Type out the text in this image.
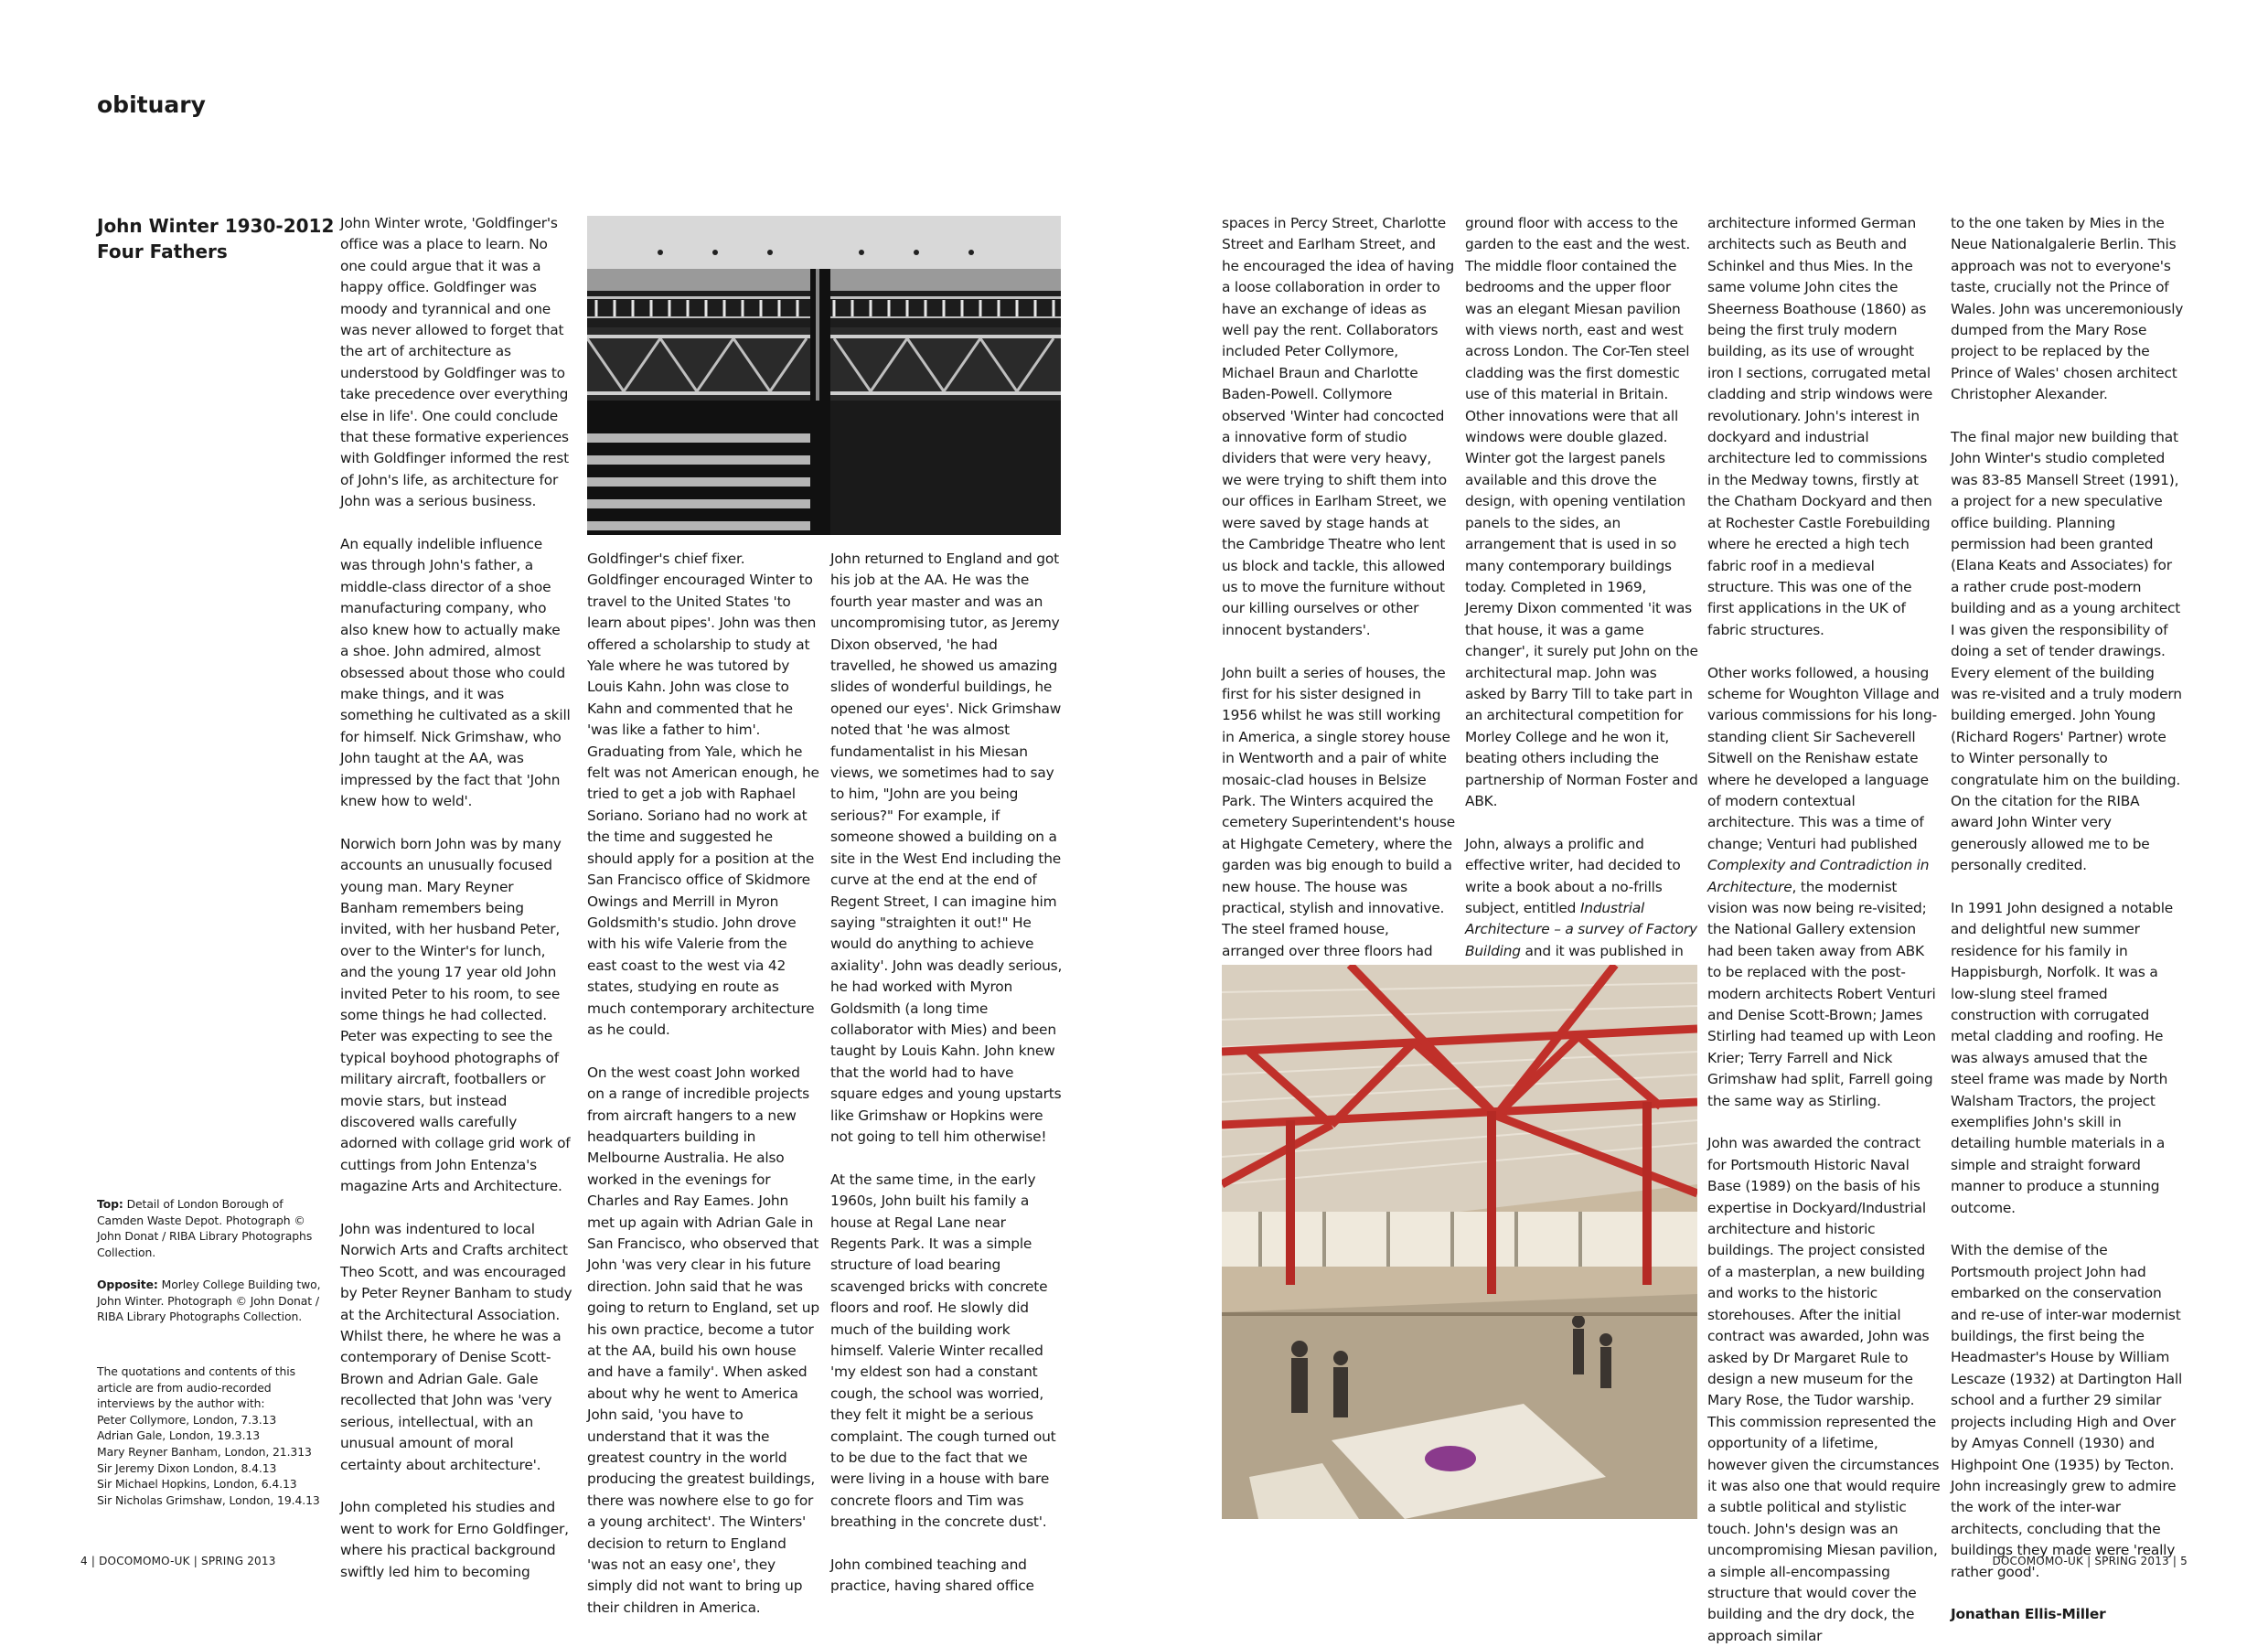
obituary
John Winter 1930-2012
Four Fathers

Top: Detail of London Borough of Camden Waste Depot. Photograph © John Donat / RIBA Library Photographs Collection.

Opposite: Morley College Building two, John Winter. Photograph © John Donat / RIBA Library Photographs Collection.

The quotations and contents of this article are from audio-recorded interviews by the author with:
Peter Collymore, London, 7.3.13
Adrian Gale, London, 19.3.13
Mary Reyner Banham, London, 21.313
Sir Jeremy Dixon London, 8.4.13
Sir Michael Hopkins, London, 6.4.13
Sir Nicholas Grimshaw, London, 19.4.13

John Winter wrote, 'Goldfinger's office was a place to learn. No one could argue that it was a happy office. Goldfinger was moody and tyrannical and one was never allowed to forget that the art of architecture as understood by Goldfinger was to take precedence over everything else in life'. One could conclude that these formative experiences with Goldfinger informed the rest of John's life, as architecture for John was a serious business.

An equally indelible influence was through John's father, a middle-class director of a shoe manufacturing company, who also knew how to actually make a shoe. John admired, almost obsessed about those who could make things, and it was something he cultivated as a skill for himself. Nick Grimshaw, who John taught at the AA, was impressed by the fact that 'John knew how to weld'.

Norwich born John was by many accounts an unusually focused young man. Mary Reyner Banham remembers being invited, with her husband Peter, over to the Winter's for lunch, and the young 17 year old John invited Peter to his room, to see some things he had collected. Peter was expecting to see the typical boyhood photographs of military aircraft, footballers or movie stars, but instead discovered walls carefully adorned with collage grid work of cuttings from John Entenza's magazine Arts and Architecture.

John was indentured to local Norwich Arts and Crafts architect Theo Scott, and was encouraged by Peter Reyner Banham to study at the Architectural Association. Whilst there, he where he was a contemporary of Denise Scott-Brown and Adrian Gale. Gale recollected that John was 'very serious, intellectual, with an unusual amount of moral certainty about architecture'.

John completed his studies and went to work for Erno Goldfinger, where his practical background swiftly led him to becoming

Goldfinger's chief fixer. Goldfinger encouraged Winter to travel to the United States 'to learn about pipes'. John was then offered a scholarship to study at Yale where he was tutored by Louis Kahn. John was close to Kahn and commented that he 'was like a father to him'. Graduating from Yale, which he felt was not American enough, he tried to get a job with Raphael Soriano. Soriano had no work at the time and suggested he should apply for a position at the San Francisco office of Skidmore Owings and Merrill in Myron Goldsmith's studio. John drove with his wife Valerie from the east coast to the west via 42 states, studying en route as much contemporary architecture as he could.

On the west coast John worked on a range of incredible projects from aircraft hangers to a new headquarters building in Melbourne Australia. He also worked in the evenings for Charles and Ray Eames. John met up again with Adrian Gale in San Francisco, who observed that John 'was very clear in his future direction. John said that he was going to return to England, set up his own practice, become a tutor at the AA, build his own house and have a family'. When asked about why he went to America John said, 'you have to understand that it was the greatest country in the world producing the greatest buildings, there was nowhere else to go for a young architect'. The Winters' decision to return to England 'was not an easy one', they simply did not want to bring up their children in America.

John returned to England and got his job at the AA. He was the fourth year master and was an uncompromising tutor, as Jeremy Dixon observed, 'he had travelled, he showed us amazing slides of wonderful buildings, he opened our eyes'. Nick Grimshaw noted that 'he was almost fundamentalist in his Miesan views, we sometimes had to say to him, "John are you being serious?" For example, if someone showed a building on a site in the West End including the curve at the end at the end of Regent Street, I can imagine him saying "straighten it out!" He would do anything to achieve axiality'. John was deadly serious, he had worked with Myron Goldsmith (a long time collaborator with Mies) and been taught by Louis Kahn. John knew that the world had to have square edges and young upstarts like Grimshaw or Hopkins were not going to tell him otherwise!

At the same time, in the early 1960s, John built his family a house at Regal Lane near Regents Park. It was a simple structure of load bearing scavenged bricks with concrete floors and roof. He slowly did much of the building work himself. Valerie Winter recalled 'my eldest son had a constant cough, the school was worried, they felt it might be a serious complaint. The cough turned out to be due to the fact that we were living in a house with bare concrete floors and Tim was breathing in the concrete dust'.

John combined teaching and practice, having shared office

spaces in Percy Street, Charlotte Street and Earlham Street, and he encouraged the idea of having a loose collaboration in order to have an exchange of ideas as well pay the rent. Collaborators included Peter Collymore, Michael Braun and Charlotte Baden-Powell. Collymore observed 'Winter had concocted a innovative form of studio dividers that were very heavy, we were trying to shift them into our offices in Earlham Street, we were saved by stage hands at the Cambridge Theatre who lent us block and tackle, this allowed us to move the furniture without our killing ourselves or other innocent bystanders'.

John built a series of houses, the first for his sister designed in 1956 whilst he was still working in America, a single storey house in Wentworth and a pair of white mosaic-clad houses in Belsize Park. The Winters acquired the cemetery Superintendent's house at Highgate Cemetery, where the garden was big enough to build a new house. The house was practical, stylish and innovative. The steel framed house, arranged over three floors had

ground floor with access to the garden to the east and the west. The middle floor contained the bedrooms and the upper floor was an elegant Miesan pavilion with views north, east and west across London. The Cor-Ten steel cladding was the first domestic use of this material in Britain. Other innovations were that all windows were double glazed. Winter got the largest panels available and this drove the design, with opening ventilation panels to the sides, an arrangement that is used in so many contemporary buildings today. Completed in 1969, Jeremy Dixon commented 'it was that house, it was a game changer', it surely put John on the architectural map. John was asked by Barry Till to take part in an architectural competition for Morley College and he won it, beating others including the partnership of Norman Foster and ABK.

John, always a prolific and effective writer, had decided to write a book about a no-frills subject, entitled Industrial Architecture – a survey of Factory Building and it was published in

architecture informed German architects such as Beuth and Schinkel and thus Mies. In the same volume John cites the Sheerness Boathouse (1860) as being the first truly modern building, as its use of wrought iron I sections, corrugated metal cladding and strip windows were revolutionary. John's interest in dockyard and industrial architecture led to commissions in the Medway towns, firstly at the Chatham Dockyard and then at Rochester Castle Forebuilding where he erected a high tech fabric roof in a medieval structure. This was one of the first applications in the UK of fabric structures.

Other works followed, a housing scheme for Woughton Village and various commissions for his long-standing client Sir Sacheverell Sitwell on the Renishaw estate where he developed a language of modern contextual architecture. This was a time of change; Venturi had published Complexity and Contradiction in Architecture, the modernist vision was now being re-visited; the National Gallery extension had been taken away from ABK to be replaced with the post-modern architects Robert Venturi and Denise Scott-Brown; James Stirling had teamed up with Leon Krier; Terry Farrell and Nick Grimshaw had split, Farrell going the same way as Stirling.

John was awarded the contract for Portsmouth Historic Naval Base (1989) on the basis of his expertise in Dockyard/Industrial architecture and historic buildings. The project consisted of a masterplan, a new building and works to the historic storehouses. After the initial contract was awarded, John was asked by Dr Margaret Rule to design a new museum for the Mary Rose, the Tudor warship. This commission represented the opportunity of a lifetime, however given the circumstances it was also one that would require a subtle political and stylistic touch. John's design was an uncompromising Miesan pavilion, a simple all-encompassing structure that would cover the building and the dry dock, the approach similar

to the one taken by Mies in the Neue Nationalgalerie Berlin. This approach was not to everyone's taste, crucially not the Prince of Wales. John was unceremoniously dumped from the Mary Rose project to be replaced by the Prince of Wales' chosen architect Christopher Alexander.

The final major new building that John Winter's studio completed was 83-85 Mansell Street (1991), a project for a new speculative office building. Planning permission had been granted (Elana Keats and Associates) for a rather crude post-modern building and as a young architect I was given the responsibility of doing a set of tender drawings. Every element of the building was re-visited and a truly modern building emerged. John Young (Richard Rogers' Partner) wrote to Winter personally to congratulate him on the building. On the citation for the RIBA award John Winter very generously allowed me to be personally credited.

In 1991 John designed a notable and delightful new summer residence for his family in Happisburgh, Norfolk. It was a low-slung steel framed construction with corrugated metal cladding and roofing. He was always amused that the steel frame was made by North Walsham Tractors, the project exemplifies John's skill in detailing humble materials in a simple and straight forward manner to produce a stunning outcome.

With the demise of the Portsmouth project John had embarked on the conservation and re-use of inter-war modernist buildings, the first being the Headmaster's House by William Lescaze (1932) at Dartington Hall school and a further 29 similar projects including High and Over by Amyas Connell (1930) and Highpoint One (1935) by Tecton. John increasingly grew to admire the work of the inter-war architects, concluding that the buildings they made were 'really rather good'.

Jonathan Ellis-Miller

4 | DOCOMOMO-UK | SPRING 2013	DOCOMOMO-UK | SPRING 2013 | 5
